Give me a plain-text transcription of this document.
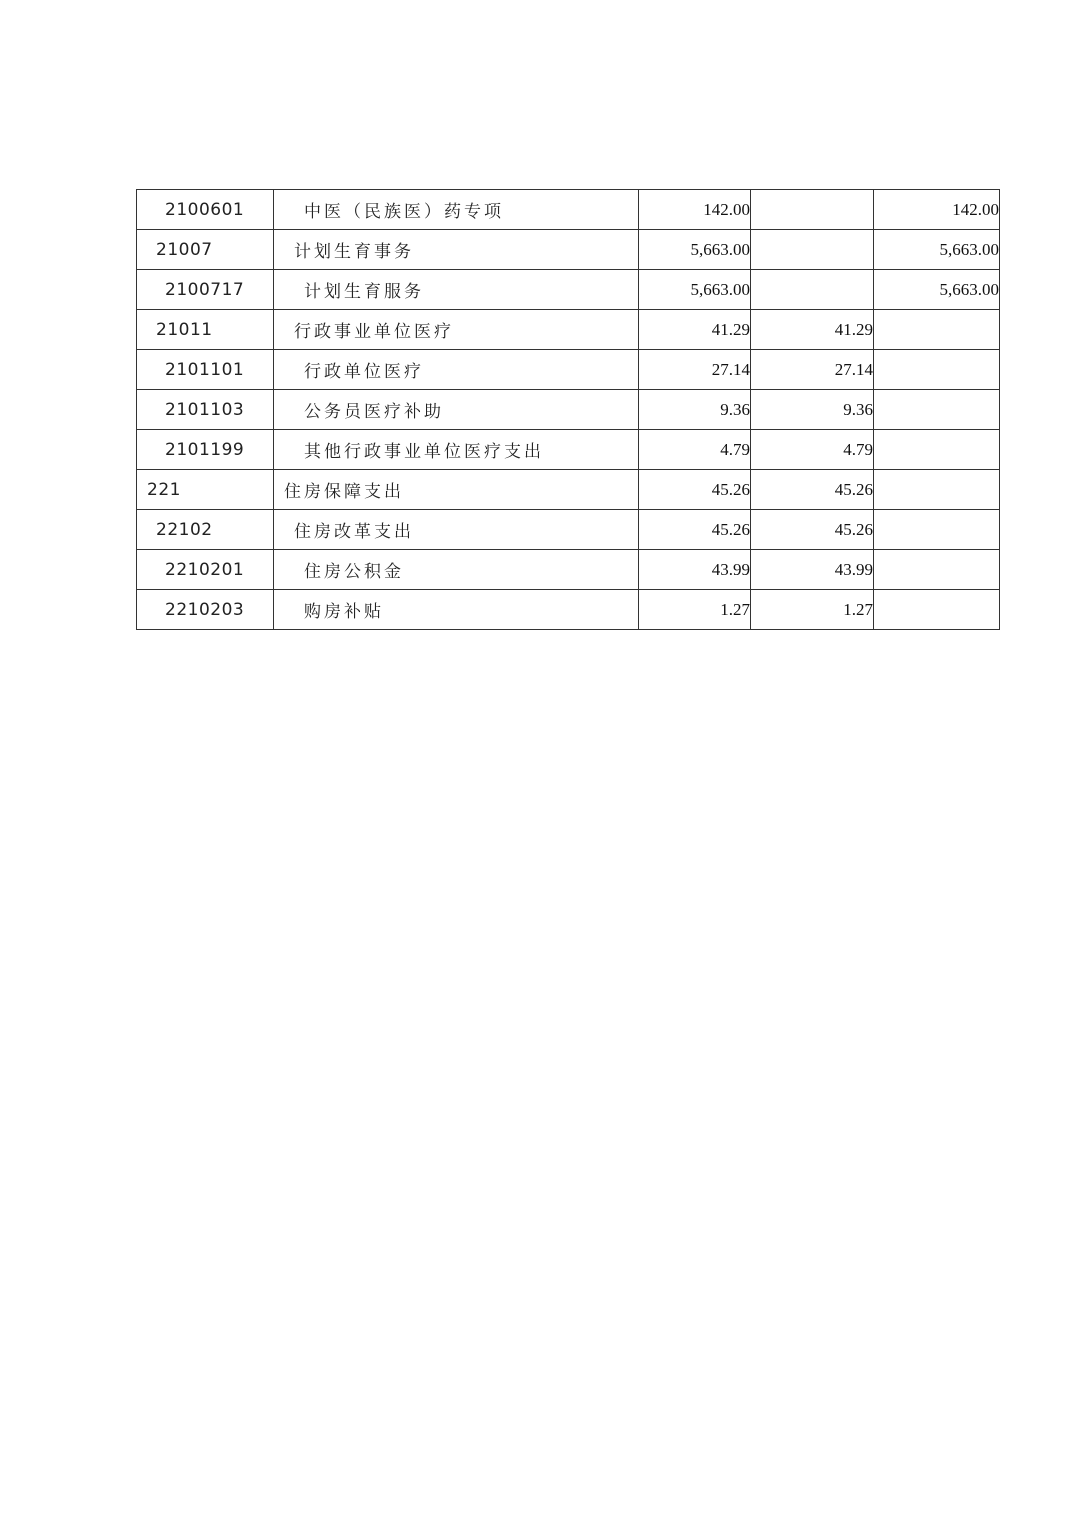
2100601	中医（民族医）药专项	142.00		142.00
21007	计划生育事务	5,663.00		5,663.00
2100717	计划生育服务	5,663.00		5,663.00
21011	行政事业单位医疗	41.29	41.29	
2101101	行政单位医疗	27.14	27.14	
2101103	公务员医疗补助	9.36	9.36	
2101199	其他行政事业单位医疗支出	4.79	4.79	
221	住房保障支出	45.26	45.26	
22102	住房改革支出	45.26	45.26	
2210201	住房公积金	43.99	43.99	
2210203	购房补贴	1.27	1.27	
